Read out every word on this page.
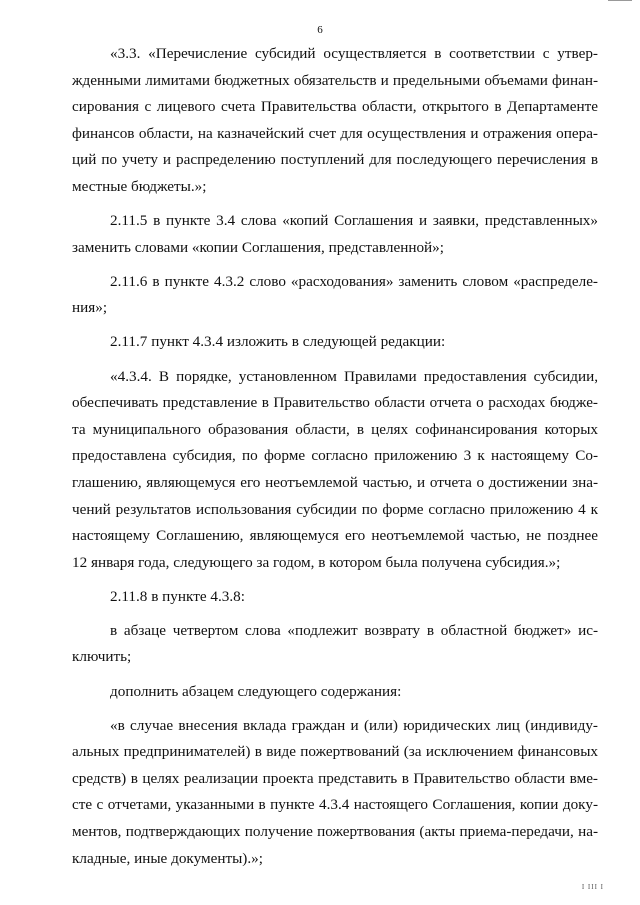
6
«3.3. «Перечисление субсидий осуществляется в соответствии с утвер-
жденными лимитами бюджетных обязательств и предельными объемами финан-
сирования с лицевого счета Правительства области, открытого в Департаменте
финансов области, на казначейский счет для осуществления и отражения опера-
ций по учету и распределению поступлений для последующего перечисления в
местные бюджеты.»;
2.11.5 в пункте 3.4 слова «копий Соглашения и заявки, представленных»
заменить словами «копии Соглашения, представленной»;
2.11.6 в пункте 4.3.2 слово «расходования» заменить словом «распределе-
ния»;
2.11.7 пункт 4.3.4 изложить в следующей редакции:
«4.3.4. В порядке, установленном Правилами предоставления субсидии,
обеспечивать представление в Правительство области отчета о расходах бюдже-
та муниципального образования области, в целях софинансирования которых
предоставлена субсидия, по форме согласно приложению 3 к настоящему Со-
глашению, являющемуся его неотъемлемой частью, и отчета о достижении зна-
чений результатов использования субсидии по форме согласно приложению 4 к
настоящему Соглашению, являющемуся его неотъемлемой частью, не позднее
12 января года, следующего за годом, в котором была получена субсидия.»;
2.11.8 в пункте 4.3.8:
в абзаце четвертом слова «подлежит возврату в областной бюджет» ис-
ключить;
дополнить абзацем следующего содержания:
«в случае внесения вклада граждан и (или) юридических лиц (индивиду-
альных предпринимателей) в виде пожертвований (за исключением финансовых
средств) в целях реализации проекта представить в Правительство области вме-
сте с отчетами, указанными в пункте 4.3.4 настоящего Соглашения, копии доку-
ментов, подтверждающих получение пожертвования (акты приема-передачи, на-
кладные, иные документы).»;
I III I
